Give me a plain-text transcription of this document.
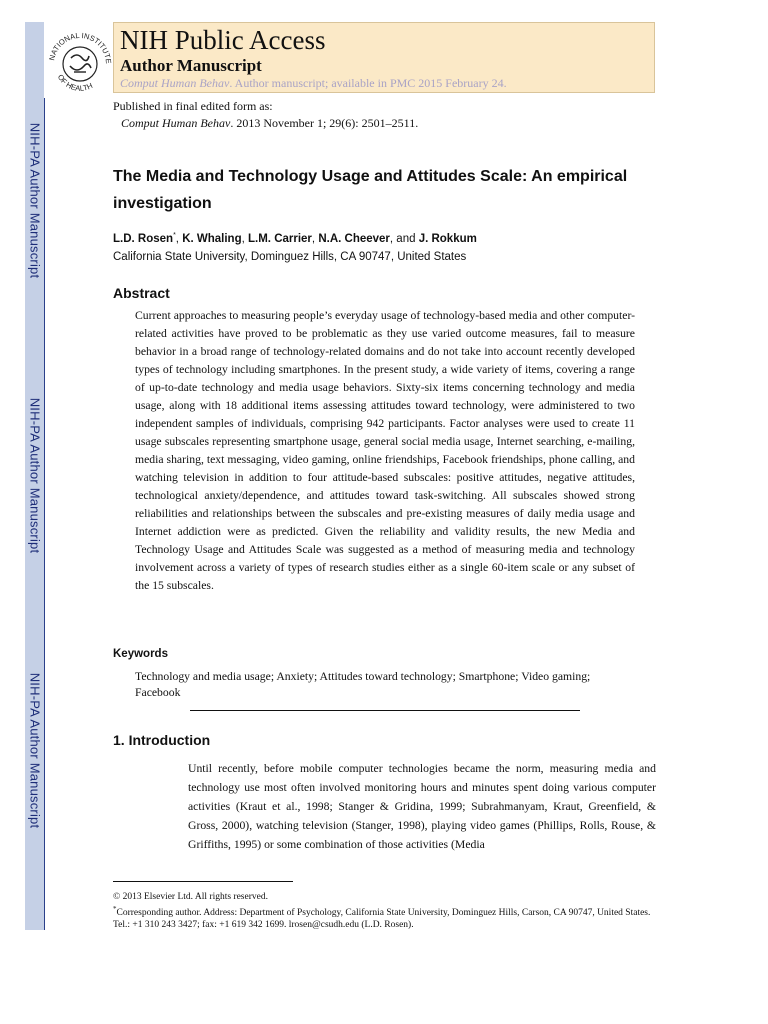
NIH-PA Author Manuscript
NIH-PA Author Manuscript
NIH-PA Author Manuscript
NATIONAL INSTITUTE
OF HEALTH
NIH Public Access
Author Manuscript
Comput Human Behav. Author manuscript; available in PMC 2015 February 24.
Published in final edited form as:
Comput Human Behav. 2013 November 1; 29(6): 2501–2511.
The Media and Technology Usage and Attitudes Scale: An empirical investigation
L.D. Rosen*, K. Whaling, L.M. Carrier, N.A. Cheever, and J. Rokkum
California State University, Dominguez Hills, CA 90747, United States
Abstract
Current approaches to measuring people’s everyday usage of technology-based media and other computer-related activities have proved to be problematic as they use varied outcome measures, fail to measure behavior in a broad range of technology-related domains and do not take into account recently developed types of technology including smartphones. In the present study, a wide variety of items, covering a range of up-to-date technology and media usage behaviors. Sixty-six items concerning technology and media usage, along with 18 additional items assessing attitudes toward technology, were administered to two independent samples of individuals, comprising 942 participants. Factor analyses were used to create 11 usage subscales representing smartphone usage, general social media usage, Internet searching, e-mailing, media sharing, text messaging, video gaming, online friendships, Facebook friendships, phone calling, and watching television in addition to four attitude-based subscales: positive attitudes, negative attitudes, technological anxiety/dependence, and attitudes toward task-switching. All subscales showed strong reliabilities and relationships between the subscales and pre-existing measures of daily media usage and Internet addiction were as predicted. Given the reliability and validity results, the new Media and Technology Usage and Attitudes Scale was suggested as a method of measuring media and technology involvement across a variety of types of research studies either as a single 60-item scale or any subset of the 15 subscales.
Keywords
Technology and media usage; Anxiety; Attitudes toward technology; Smartphone; Video gaming; Facebook
1. Introduction
Until recently, before mobile computer technologies became the norm, measuring media and technology use most often involved monitoring hours and minutes spent doing various computer activities (Kraut et al., 1998; Stanger & Gridina, 1999; Subrahmanyam, Kraut, Greenfield, & Gross, 2000), watching television (Stanger, 1998), playing video games (Phillips, Rolls, Rouse, & Griffiths, 1995) or some combination of those activities (Media
© 2013 Elsevier Ltd. All rights reserved.
*Corresponding author. Address: Department of Psychology, California State University, Dominguez Hills, Carson, CA 90747, United States. Tel.: +1 310 243 3427; fax: +1 619 342 1699. lrosen@csudh.edu (L.D. Rosen).
